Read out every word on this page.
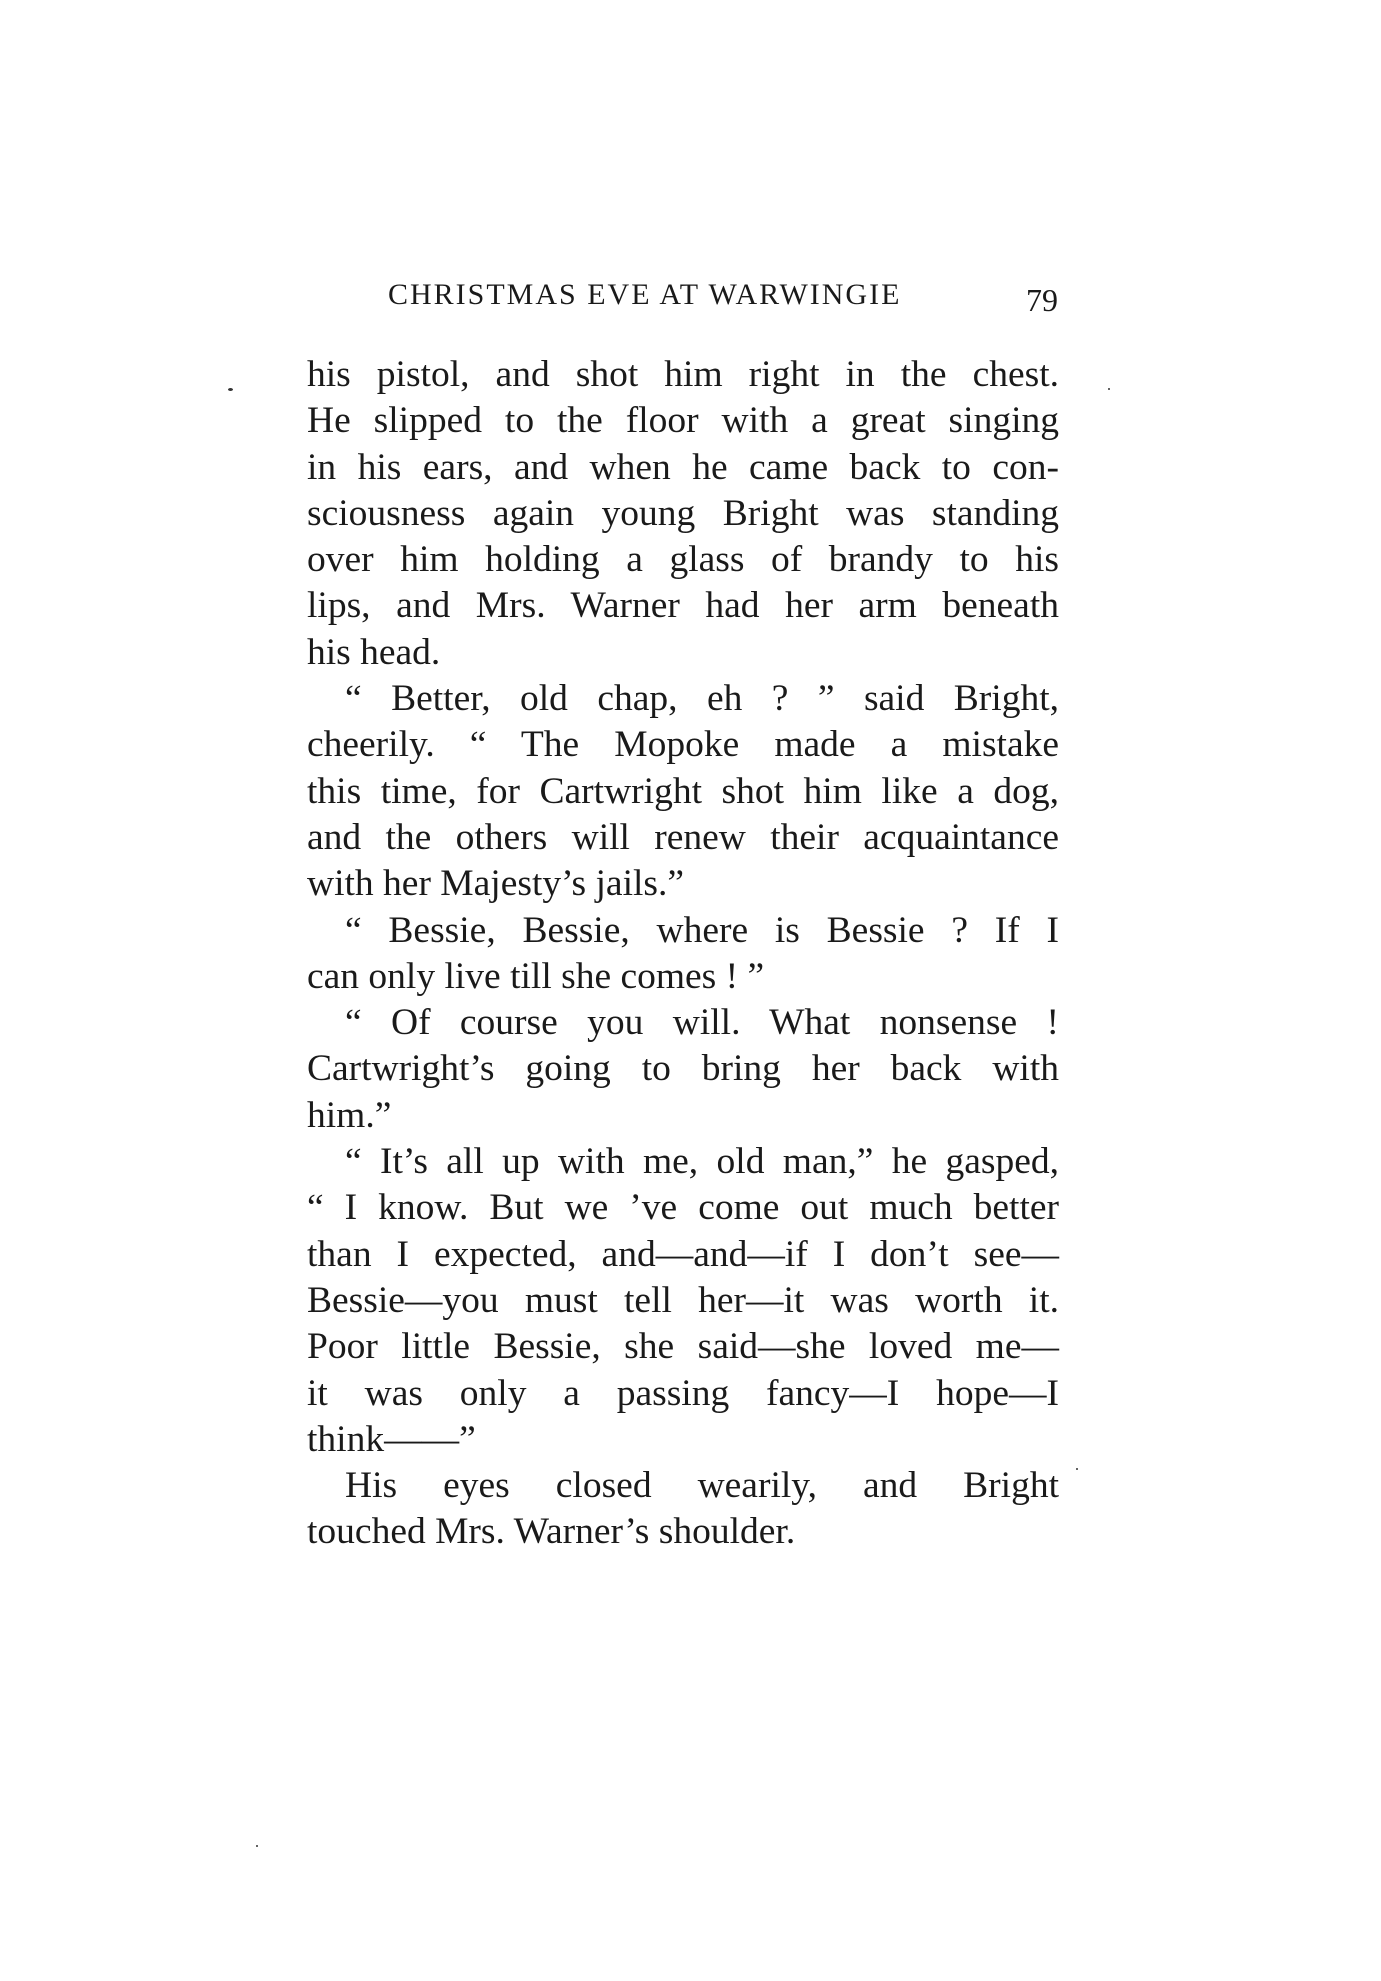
CHRISTMAS EVE AT WARWINGIE	79
his pistol, and shot him right in the chest.
He slipped to the floor with a great singing
in his ears, and when he came back to con-
sciousness again young Bright was standing
over him holding a glass of brandy to his
lips, and Mrs. Warner had her arm beneath
his head.
“ Better, old chap, eh ? ” said Bright,
cheerily. “ The Mopoke made a mistake
this time, for Cartwright shot him like a dog,
and the others will renew their acquaintance
with her Majesty’s jails.”
“ Bessie, Bessie, where is Bessie ? If I
can only live till she comes ! ”
“ Of course you will. What nonsense !
Cartwright’s going to bring her back with
him.”
“ It’s all up with me, old man,” he gasped,
“ I know. But we ’ve come out much better
than I expected, and—and—if I don’t see—
Bessie—you must tell her—it was worth it.
Poor little Bessie, she said—she loved me—
it was only a passing fancy—I hope—I
think——”
His eyes closed wearily, and Bright
touched Mrs. Warner’s shoulder.
